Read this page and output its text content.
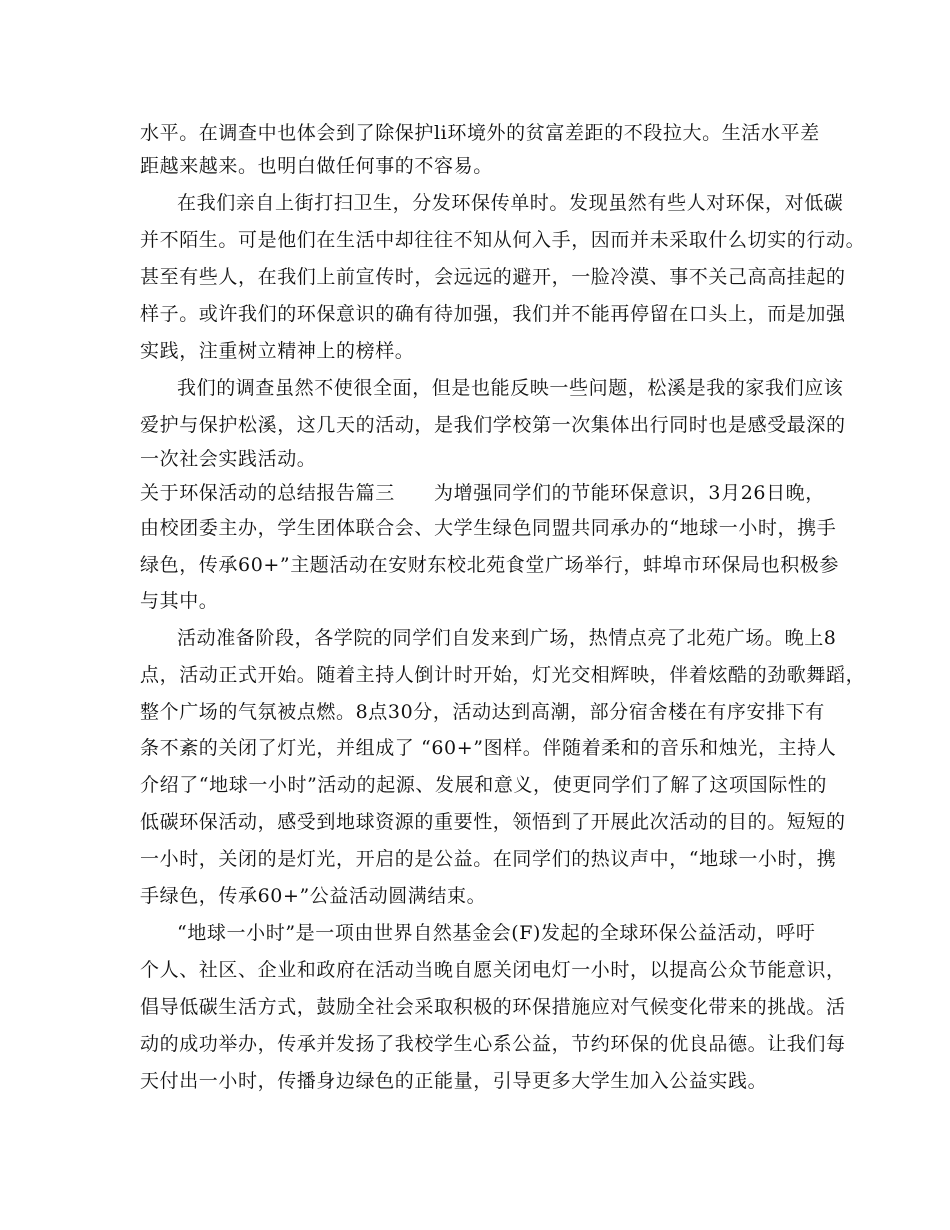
水平。在调查中也体会到了除保护li环境外的贫富差距的不段拉大。生活水平差
距越来越来。也明白做任何事的不容易。
在我们亲自上街打扫卫生，分发环保传单时。发现虽然有些人对环保，对低碳
并不陌生。可是他们在生活中却往往不知从何入手，因而并未采取什么切实的行动。
甚至有些人，在我们上前宣传时，会远远的避开，一脸冷漠、事不关己高高挂起的
样子。或许我们的环保意识的确有待加强，我们并不能再停留在口头上，而是加强
实践，注重树立精神上的榜样。
我们的调查虽然不使很全面，但是也能反映一些问题，松溪是我的家我们应该
爱护与保护松溪，这几天的活动，是我们学校第一次集体出行同时也是感受最深的
一次社会实践活动。
关于环保活动的总结报告篇三　　为增强同学们的节能环保意识，3月26日晚，
由校团委主办，学生团体联合会、大学生绿色同盟共同承办的“地球一小时，携手
绿色，传承60+”主题活动在安财东校北苑食堂广场举行，蚌埠市环保局也积极参
与其中。
活动准备阶段，各学院的同学们自发来到广场，热情点亮了北苑广场。晚上8
点，活动正式开始。随着主持人倒计时开始，灯光交相辉映，伴着炫酷的劲歌舞蹈，
整个广场的气氛被点燃。8点30分，活动达到高潮，部分宿舍楼在有序安排下有
条不紊的关闭了灯光，并组成了 “60+”图样。伴随着柔和的音乐和烛光，主持人
介绍了“地球一小时”活动的起源、发展和意义，使更同学们了解了这项国际性的
低碳环保活动，感受到地球资源的重要性，领悟到了开展此次活动的目的。短短的
一小时，关闭的是灯光，开启的是公益。在同学们的热议声中，“地球一小时，携
手绿色，传承60+”公益活动圆满结束。
“地球一小时”是一项由世界自然基金会(F)发起的全球环保公益活动，呼吁
个人、社区、企业和政府在活动当晚自愿关闭电灯一小时，以提高公众节能意识，
倡导低碳生活方式，鼓励全社会采取积极的环保措施应对气候变化带来的挑战。活
动的成功举办，传承并发扬了我校学生心系公益，节约环保的优良品德。让我们每
天付出一小时，传播身边绿色的正能量，引导更多大学生加入公益实践。
